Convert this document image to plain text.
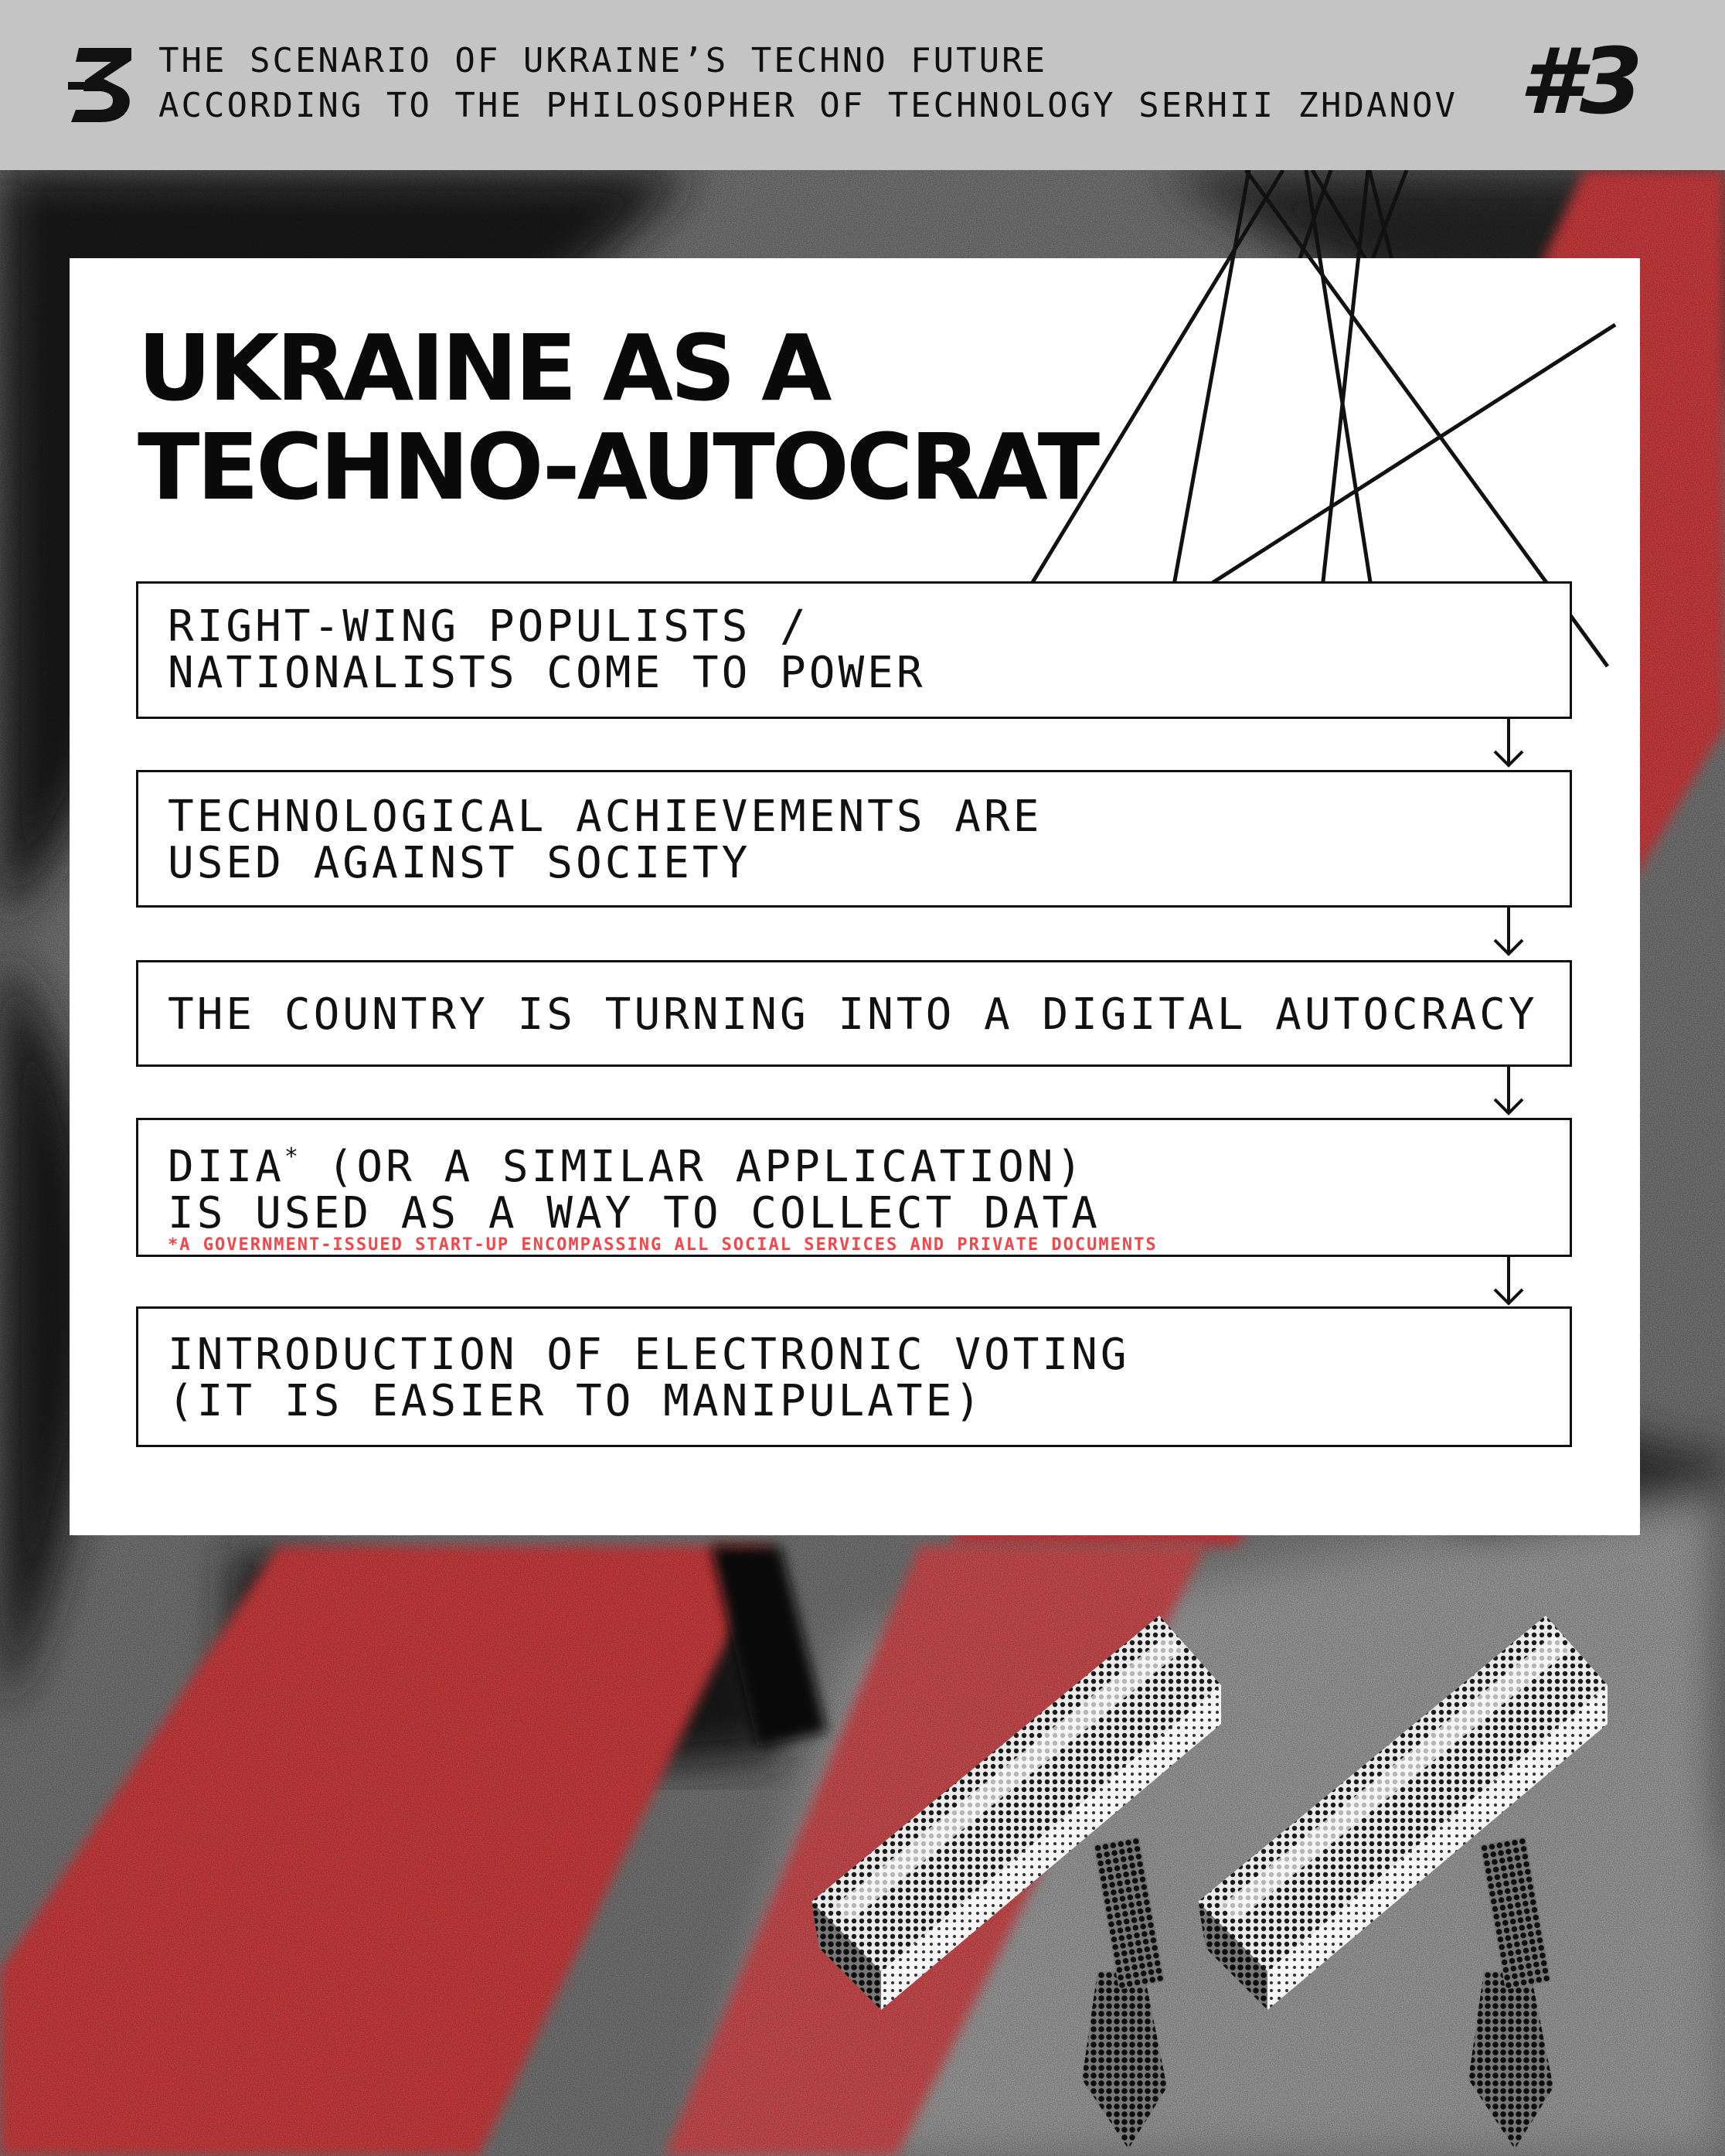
THE SCENARIO OF UKRAINE’S TECHNO FUTURE
ACCORDING TO THE PHILOSOPHER OF TECHNOLOGY SERHII ZHDANOV #3
UKRAINE AS A
TECHNO-AUTOCRAT
RIGHT-WING POPULISTS /
NATIONALISTS COME TO POWER
TECHNOLOGICAL ACHIEVEMENTS ARE
USED AGAINST SOCIETY
THE COUNTRY IS TURNING INTO A DIGITAL AUTOCRACY
DIIA* (OR A SIMILAR APPLICATION)
IS USED AS A WAY TO COLLECT DATA
*A GOVERNMENT-ISSUED START-UP ENCOMPASSING ALL SOCIAL SERVICES AND PRIVATE DOCUMENTS
INTRODUCTION OF ELECTRONIC VOTING
(IT IS EASIER TO MANIPULATE)
